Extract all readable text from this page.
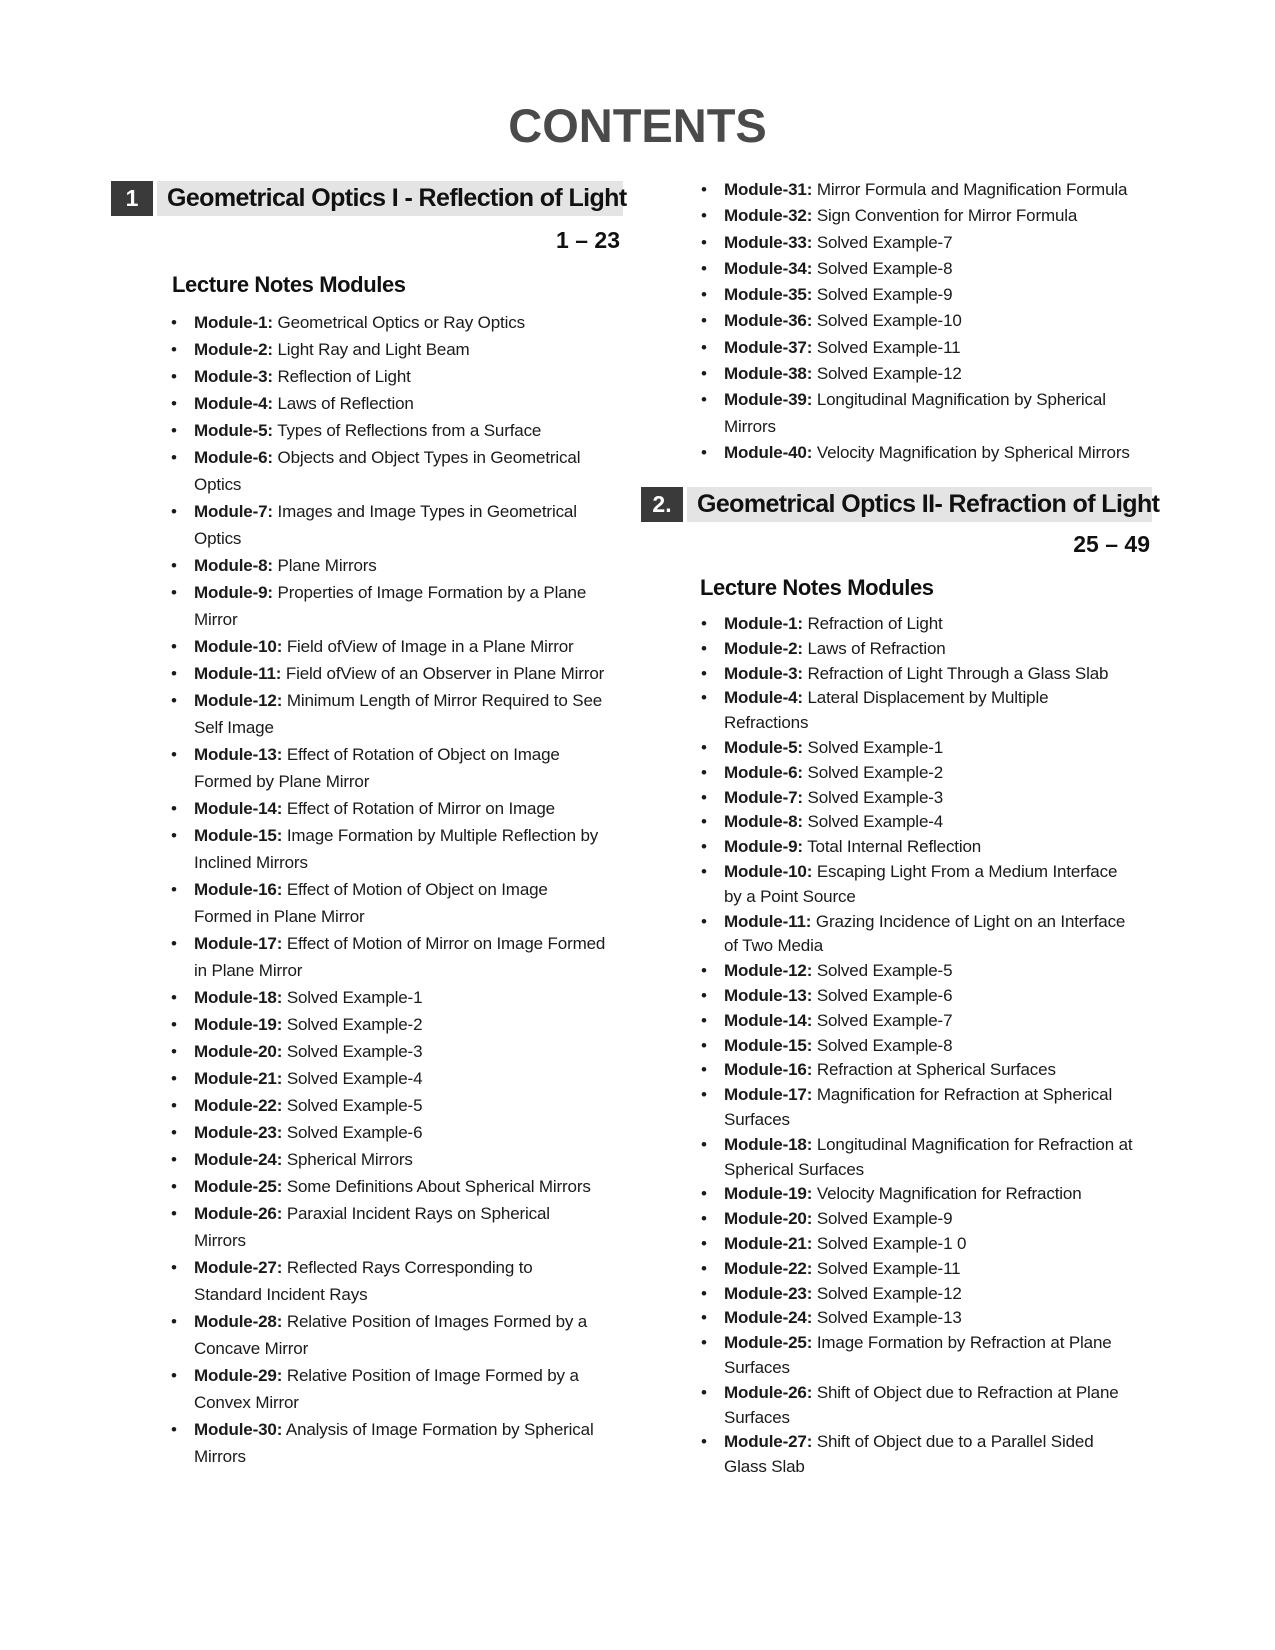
CONTENTS
1	Geometrical Optics I - Reflection of Light
1 – 23
Lecture Notes Modules
• Module-1: Geometrical Optics or Ray Optics
• Module-2: Light Ray and Light Beam
• Module-3: Reflection of Light
• Module-4: Laws of Reflection
• Module-5: Types of Reflections from a Surface
• Module-6: Objects and Object Types in Geometrical
Optics
• Module-7: Images and Image Types in Geometrical
Optics
• Module-8: Plane Mirrors
• Module-9: Properties of Image Formation by a Plane
Mirror
• Module-10: Field ofView of Image in a Plane Mirror
• Module-11: Field ofView of an Observer in Plane Mirror
• Module-12: Minimum Length of Mirror Required to See
Self Image
• Module-13: Effect of Rotation of Object on Image
Formed by Plane Mirror
• Module-14: Effect of Rotation of Mirror on Image
• Module-15: Image Formation by Multiple Reflection by
Inclined Mirrors
• Module-16: Effect of Motion of Object on Image
Formed in Plane Mirror
• Module-17: Effect of Motion of Mirror on Image Formed
in Plane Mirror
• Module-18: Solved Example-1
• Module-19: Solved Example-2
• Module-20: Solved Example-3
• Module-21: Solved Example-4
• Module-22: Solved Example-5
• Module-23: Solved Example-6
• Module-24: Spherical Mirrors
• Module-25: Some Definitions About Spherical Mirrors
• Module-26: Paraxial Incident Rays on Spherical
Mirrors
• Module-27: Reflected Rays Corresponding to
Standard Incident Rays
• Module-28: Relative Position of Images Formed by a
Concave Mirror
• Module-29: Relative Position of Image Formed by a
Convex Mirror
• Module-30: Analysis of Image Formation by Spherical
Mirrors
• Module-31: Mirror Formula and Magnification Formula
• Module-32: Sign Convention for Mirror Formula
• Module-33: Solved Example-7
• Module-34: Solved Example-8
• Module-35: Solved Example-9
• Module-36: Solved Example-10
• Module-37: Solved Example-11
• Module-38: Solved Example-12
• Module-39: Longitudinal Magnification by Spherical
Mirrors
• Module-40: Velocity Magnification by Spherical Mirrors
2.	Geometrical Optics II- Refraction of Light
25 – 49
Lecture Notes Modules
• Module-1: Refraction of Light
• Module-2: Laws of Refraction
• Module-3: Refraction of Light Through a Glass Slab
• Module-4: Lateral Displacement by Multiple
Refractions
• Module-5: Solved Example-1
• Module-6: Solved Example-2
• Module-7: Solved Example-3
• Module-8: Solved Example-4
• Module-9: Total Internal Reflection
• Module-10: Escaping Light From a Medium Interface
by a Point Source
• Module-11: Grazing Incidence of Light on an Interface
of Two Media
• Module-12: Solved Example-5
• Module-13: Solved Example-6
• Module-14: Solved Example-7
• Module-15: Solved Example-8
• Module-16: Refraction at Spherical Surfaces
• Module-17: Magnification for Refraction at Spherical
Surfaces
• Module-18: Longitudinal Magnification for Refraction at
Spherical Surfaces
• Module-19: Velocity Magnification for Refraction
• Module-20: Solved Example-9
• Module-21: Solved Example-1 0
• Module-22: Solved Example-11
• Module-23: Solved Example-12
• Module-24: Solved Example-13
• Module-25: Image Formation by Refraction at Plane
Surfaces
• Module-26: Shift of Object due to Refraction at Plane
Surfaces
• Module-27: Shift of Object due to a Parallel Sided
Glass Slab
